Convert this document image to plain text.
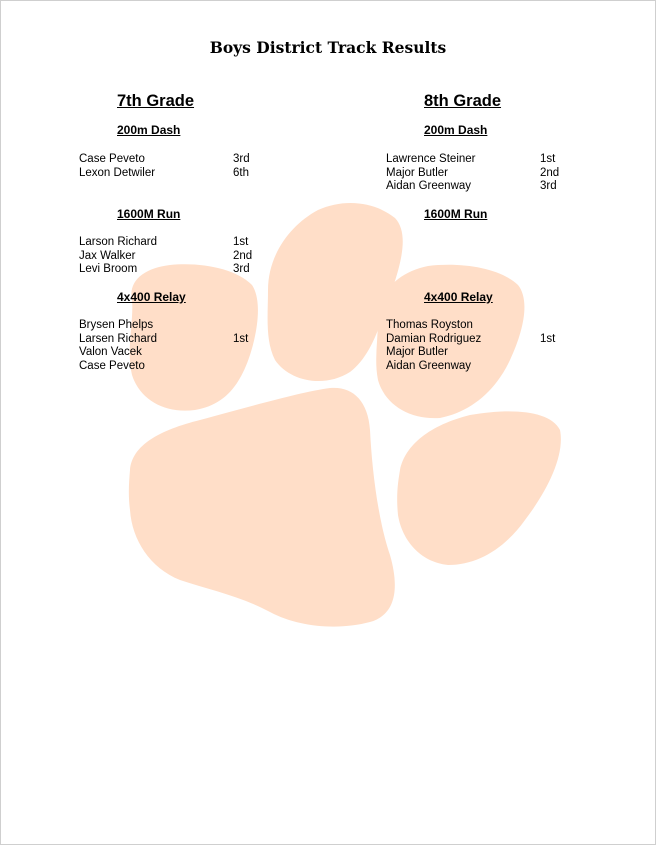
Boys District Track Results
7th Grade
200m Dash
Case Peveto	3rd
Lexon Detwiler	6th
1600M Run
Larson Richard	1st
Jax Walker	2nd
Levi Broom	3rd
4x400 Relay
Brysen Phelps
Larsen Richard	1st
Valon Vacek
Case Peveto
8th Grade
200m Dash
Lawrence Steiner	1st
Major Butler	2nd
Aidan Greenway	3rd
1600M Run
4x400 Relay
Thomas Royston
Damian Rodriguez	1st
Major Butler
Aidan Greenway
